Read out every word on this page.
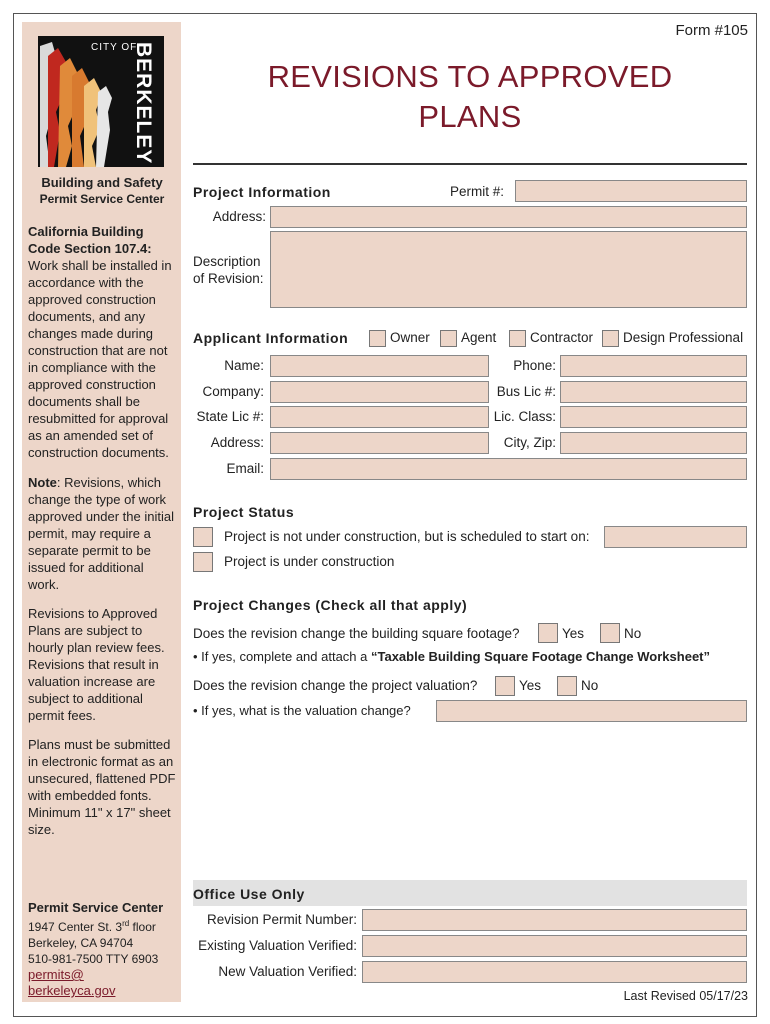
CITY OF
BERKELEY
Building and Safety
Permit Service Center
California Building Code Section 107.4:
Work shall be installed in accordance with the approved construction documents, and any changes made during construction that are not in compliance with the approved construction documents shall be resubmitted for approval as an amended set of construction documents.
Note: Revisions, which change the type of work approved under the initial permit, may require a separate permit to be issued for additional work.
Revisions to Approved Plans are subject to hourly plan review fees. Revisions that result in valuation increase are subject to additional permit fees.
Plans must be submitted in electronic format as an unsecured, flattened PDF with embedded fonts. Minimum 11" x 17" sheet size.
Permit Service Center
1947 Center St. 3rd floor
Berkeley, CA 94704
510-981-7500 TTY 6903
permits@
berkeleyca.gov
Form #105
REVISIONS TO APPROVED
PLANS
Project Information	Permit #:
Address:
Description
of Revision:
Applicant Information	Owner Agent Contractor Design Professional
Name:	Phone:
Company:	Bus Lic #:
State Lic #:	Lic. Class:
Address:	City, Zip:
Email:
Project Status
Project is not under construction, but is scheduled to start on:
Project is under construction
Project Changes (Check all that apply)
Does the revision change the building square footage?	Yes	No
• If yes, complete and attach a “Taxable Building Square Footage Change Worksheet”
Does the revision change the project valuation?	Yes	No
• If yes, what is the valuation change?
Office Use Only
Revision Permit Number:
Existing Valuation Verified:
New Valuation Verified:
Last Revised 05/17/23
